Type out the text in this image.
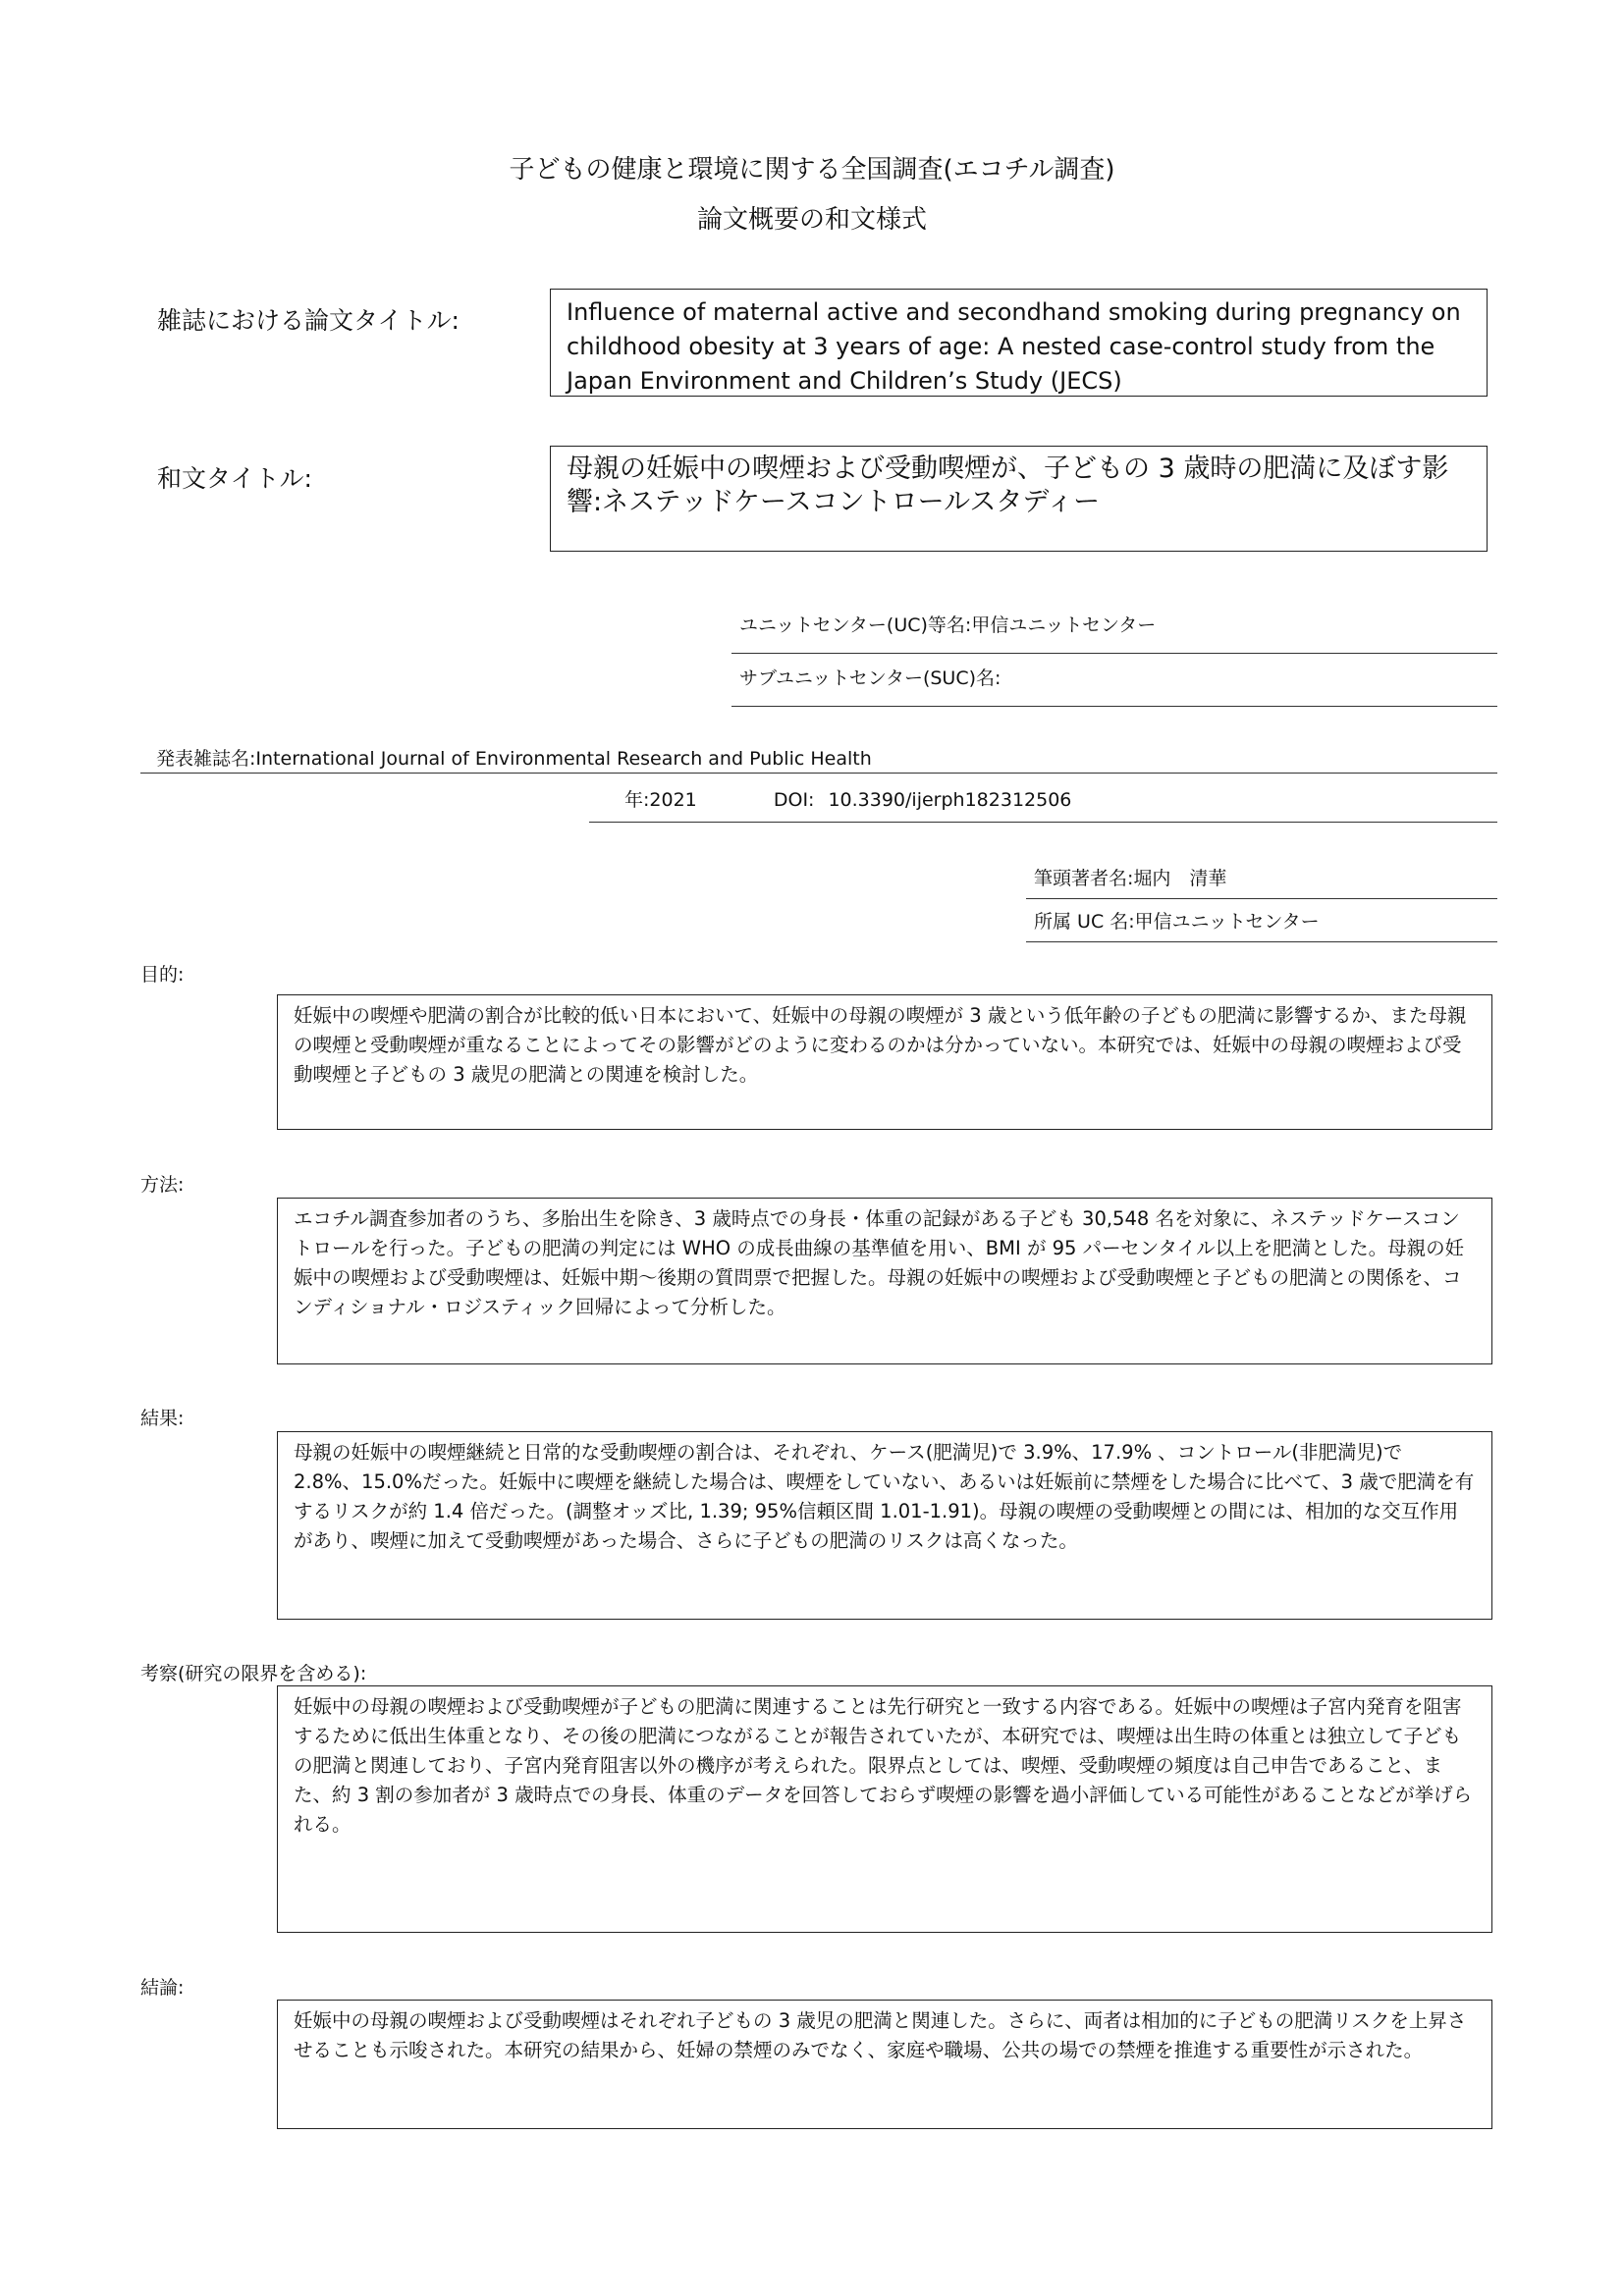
子どもの健康と環境に関する全国調査(エコチル調査)
論文概要の和文様式
雑誌における論文タイトル:	Influence of maternal active and secondhand smoking during pregnancy on childhood obesity at 3 years of age: A nested case-control study from the Japan Environment and Children’s Study (JECS)
和文タイトル:	母親の妊娠中の喫煙および受動喫煙が、子どもの 3 歳時の肥満に及ぼす影響:ネステッドケースコントロールスタディー
ユニットセンター(UC)等名:甲信ユニットセンター
サブユニットセンター(SUC)名:
発表雑誌名:International Journal of Environmental Research and Public Health
年:2021	DOI: 10.3390/ijerph182312506
筆頭著者名:堀内　清華
所属 UC 名:甲信ユニットセンター
目的:
妊娠中の喫煙や肥満の割合が比較的低い日本において、妊娠中の母親の喫煙が 3 歳という低年齢の子どもの肥満に影響するか、また母親の喫煙と受動喫煙が重なることによってその影響がどのように変わるのかは分かっていない。本研究では、妊娠中の母親の喫煙および受動喫煙と子どもの 3 歳児の肥満との関連を検討した。
方法:
エコチル調査参加者のうち、多胎出生を除き、3 歳時点での身長・体重の記録がある子ども 30,548 名を対象に、ネステッドケースコントロールを行った。子どもの肥満の判定には WHO の成長曲線の基準値を用い、BMI が 95 パーセンタイル以上を肥満とした。母親の妊娠中の喫煙および受動喫煙は、妊娠中期～後期の質問票で把握した。母親の妊娠中の喫煙および受動喫煙と子どもの肥満との関係を、コンディショナル・ロジスティック回帰によって分析した。
結果:
母親の妊娠中の喫煙継続と日常的な受動喫煙の割合は、それぞれ、ケース(肥満児)で 3.9%、17.9% 、コントロール(非肥満児)で 2.8%、15.0%だった。妊娠中に喫煙を継続した場合は、喫煙をしていない、あるいは妊娠前に禁煙をした場合に比べて、3 歳で肥満を有するリスクが約 1.4 倍だった。(調整オッズ比, 1.39; 95%信頼区間 1.01-1.91)。母親の喫煙の受動喫煙との間には、相加的な交互作用があり、喫煙に加えて受動喫煙があった場合、さらに子どもの肥満のリスクは高くなった。
考察(研究の限界を含める):
妊娠中の母親の喫煙および受動喫煙が子どもの肥満に関連することは先行研究と一致する内容である。妊娠中の喫煙は子宮内発育を阻害するために低出生体重となり、その後の肥満につながることが報告されていたが、本研究では、喫煙は出生時の体重とは独立して子どもの肥満と関連しており、子宮内発育阻害以外の機序が考えられた。限界点としては、喫煙、受動喫煙の頻度は自己申告であること、また、約 3 割の参加者が 3 歳時点での身長、体重のデータを回答しておらず喫煙の影響を過小評価している可能性があることなどが挙げられる。
結論:
妊娠中の母親の喫煙および受動喫煙はそれぞれ子どもの 3 歳児の肥満と関連した。さらに、両者は相加的に子どもの肥満リスクを上昇させることも示唆された。本研究の結果から、妊婦の禁煙のみでなく、家庭や職場、公共の場での禁煙を推進する重要性が示された。
